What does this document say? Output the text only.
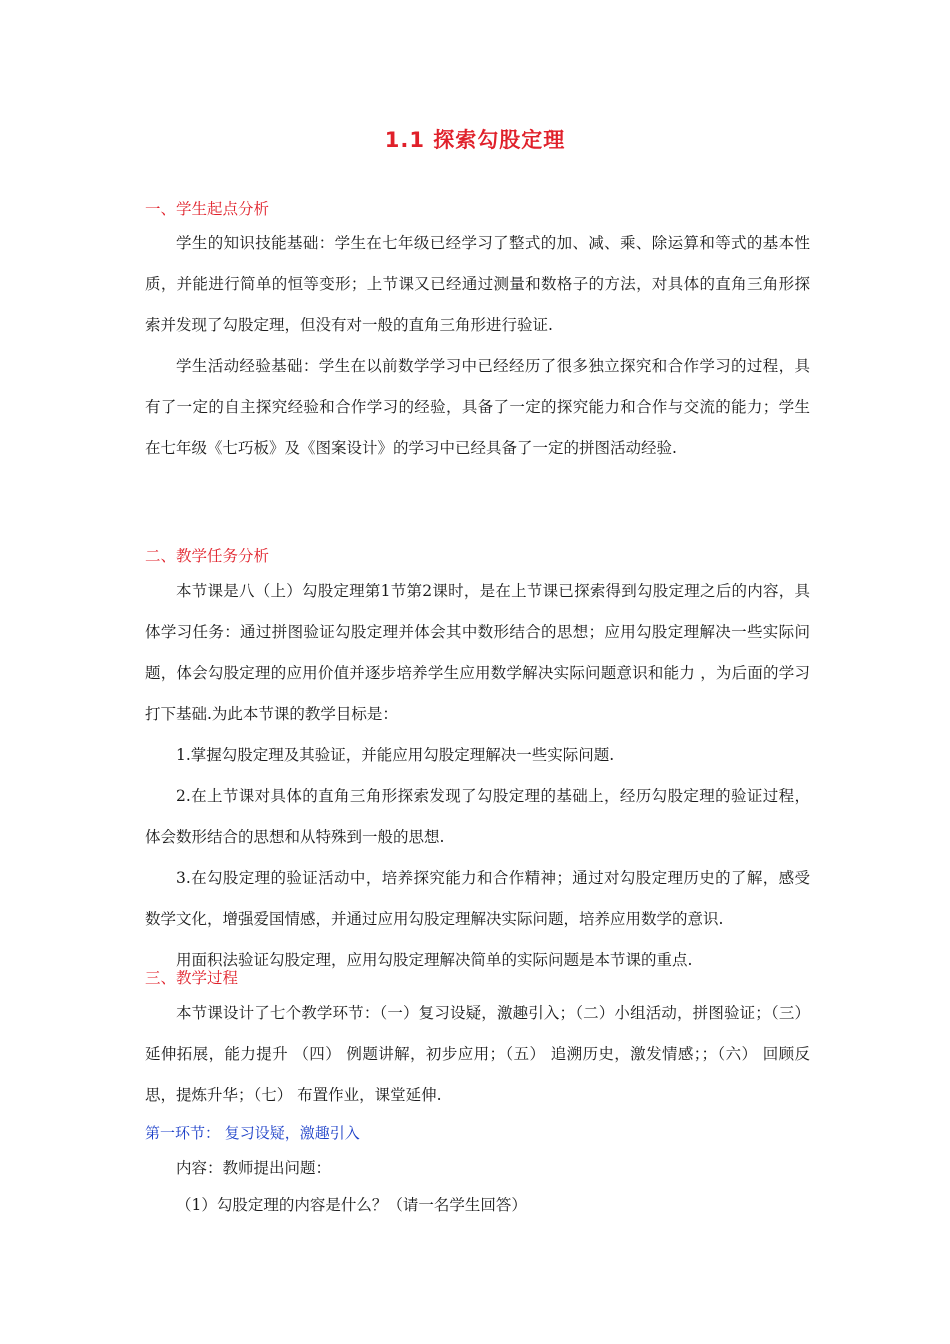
1.1 探索勾股定理
一、学生起点分析

学生的知识技能基础：学生在七年级已经学习了整式的加、减、乘、除运算和等式的基本性质，并能进行简单的恒等变形；上节课又已经通过测量和数格子的方法，对具体的直角三角形探索并发现了勾股定理，但没有对一般的直角三角形进行验证.

学生活动经验基础：学生在以前数学学习中已经经历了很多独立探究和合作学习的过程，具有了一定的自主探究经验和合作学习的经验，具备了一定的探究能力和合作与交流的能力；学生在七年级《七巧板》及《图案设计》的学习中已经具备了一定的拼图活动经验.

二、教学任务分析

本节课是八（上）勾股定理第1节第2课时，是在上节课已探索得到勾股定理之后的内容，具体学习任务：通过拼图验证勾股定理并体会其中数形结合的思想；应用勾股定理解决一些实际问题，体会勾股定理的应用价值并逐步培养学生应用数学解决实际问题意识和能力 ，为后面的学习打下基础.为此本节课的教学目标是：

1.掌握勾股定理及其验证，并能应用勾股定理解决一些实际问题.

2.在上节课对具体的直角三角形探索发现了勾股定理的基础上，经历勾股定理的验证过程，体会数形结合的思想和从特殊到一般的思想.

3.在勾股定理的验证活动中，培养探究能力和合作精神；通过对勾股定理历史的了解，感受数学文化，增强爱国情感，并通过应用勾股定理解决实际问题，培养应用数学的意识.

用面积法验证勾股定理，应用勾股定理解决简单的实际问题是本节课的重点.

三、教学过程

本节课设计了七个教学环节：（一）复习设疑，激趣引入；（二）小组活动，拼图验证；（三）延伸拓展，能力提升 （四） 例题讲解，初步应用；（五） 追溯历史，激发情感；；（六） 回顾反思，提炼升华；（七） 布置作业，课堂延伸.

第一环节： 复习设疑，激趣引入
内容：教师提出问题：
（1）勾股定理的内容是什么？（请一名学生回答）
